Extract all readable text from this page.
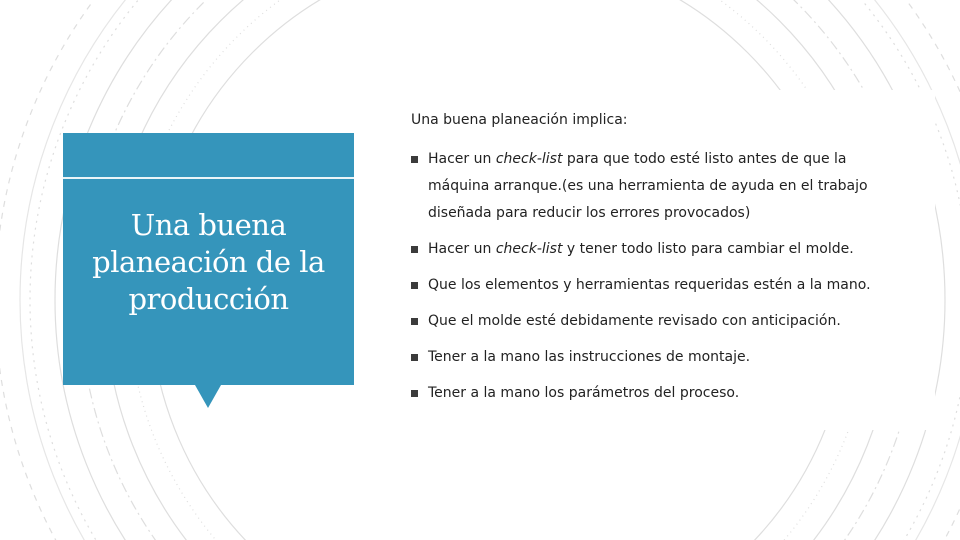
Una buena planeación de la producción

Una buena planeación implica:

Hacer un check-list para que todo esté listo antes de que la máquina arranque.(es una herramienta de ayuda en el trabajo diseñada para reducir los errores provocados)
Hacer un check-list y tener todo listo para cambiar el molde.
Que los elementos y herramientas requeridas estén a la mano.
Que el molde esté debidamente revisado con anticipación.
Tener a la mano las instrucciones de montaje.
Tener a la mano los parámetros del proceso.
